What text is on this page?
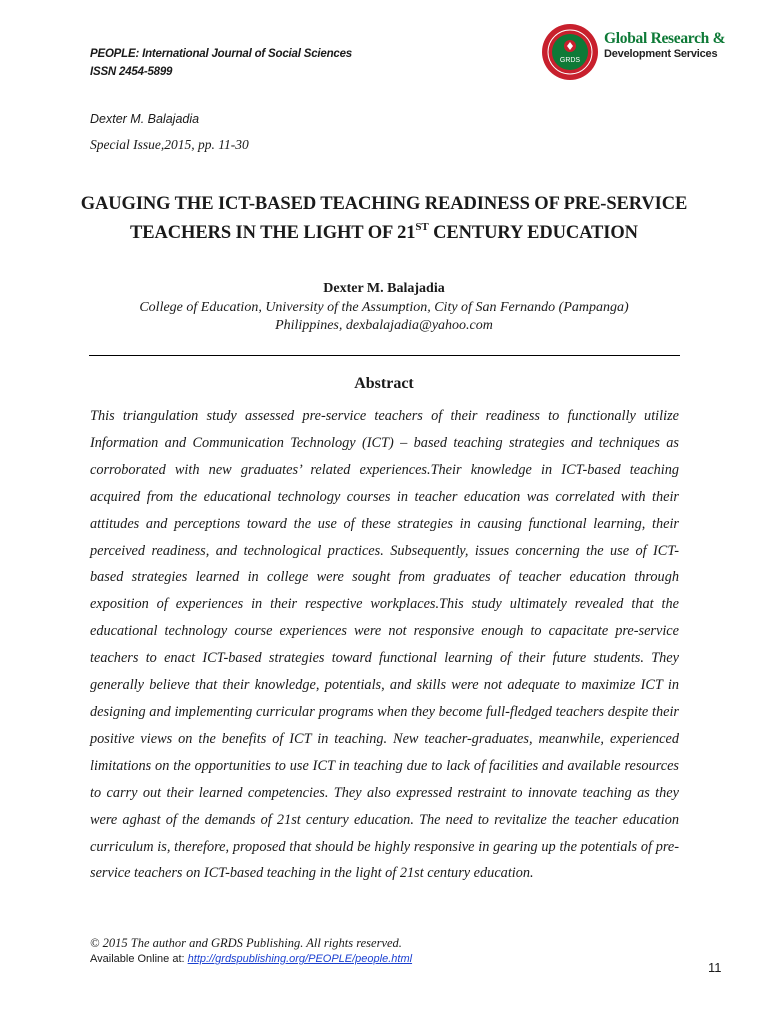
PEOPLE: International Journal of Social Sciences
ISSN 2454-5899
GRDS
Global Research &
Development Services
Dexter M. Balajadia
Special Issue,2015, pp. 11-30
GAUGING THE ICT-BASED TEACHING READINESS OF PRE-SERVICE TEACHERS IN THE LIGHT OF 21ST CENTURY EDUCATION
Dexter M. Balajadia
College of Education, University of the Assumption, City of San Fernando (Pampanga)
Philippines, dexbalajadia@yahoo.com
Abstract
This triangulation study assessed pre-service teachers of their readiness to functionally utilize Information and Communication Technology (ICT) – based teaching strategies and techniques as corroborated with new graduates’ related experiences.Their knowledge in ICT-based teaching acquired from the educational technology courses in teacher education was correlated with their attitudes and perceptions toward the use of these strategies in causing functional learning, their perceived readiness, and technological practices. Subsequently, issues concerning the use of ICT-based strategies learned in college were sought from graduates of teacher education through exposition of experiences in their respective workplaces.This study ultimately revealed that the educational technology course experiences were not responsive enough to capacitate pre-service teachers to enact ICT-based strategies toward functional learning of their future students. They generally believe that their knowledge, potentials, and skills were not adequate to maximize ICT in designing and implementing curricular programs when they become full-fledged teachers despite their positive views on the benefits of ICT in teaching. New teacher-graduates, meanwhile, experienced limitations on the opportunities to use ICT in teaching due to lack of facilities and available resources to carry out their learned competencies. They also expressed restraint to innovate teaching as they were aghast of the demands of 21st century education. The need to revitalize the teacher education curriculum is, therefore, proposed that should be highly responsive in gearing up the potentials of pre-service teachers on ICT-based teaching in the light of 21st century education.
© 2015 The author and GRDS Publishing. All rights reserved.
Available Online at: http://grdspublishing.org/PEOPLE/people.html
11
